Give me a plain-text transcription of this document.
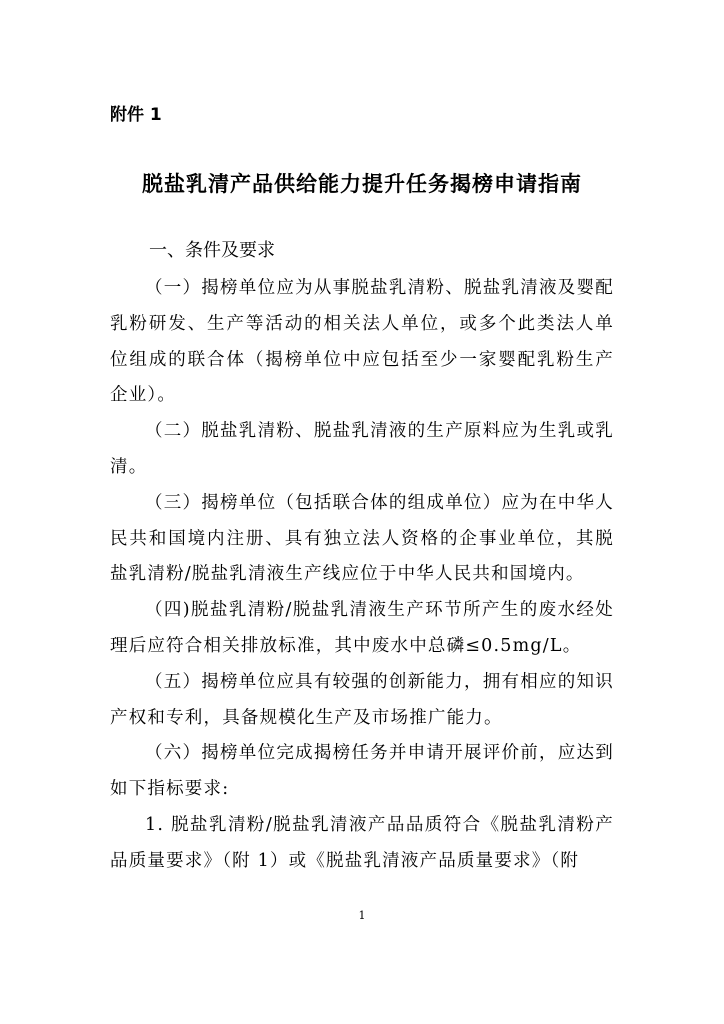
附件 1
脱盐乳清产品供给能力提升任务揭榜申请指南
一、条件及要求

（一）揭榜单位应为从事脱盐乳清粉、脱盐乳清液及婴配乳粉研发、生产等活动的相关法人单位，或多个此类法人单位组成的联合体（揭榜单位中应包括至少一家婴配乳粉生产企业）。

（二）脱盐乳清粉、脱盐乳清液的生产原料应为生乳或乳清。

（三）揭榜单位（包括联合体的组成单位）应为在中华人民共和国境内注册、具有独立法人资格的企事业单位，其脱盐乳清粉/脱盐乳清液生产线应位于中华人民共和国境内。

（四)脱盐乳清粉/脱盐乳清液生产环节所产生的废水经处理后应符合相关排放标准，其中废水中总磷≤0.5mg/L。

（五）揭榜单位应具有较强的创新能力，拥有相应的知识产权和专利，具备规模化生产及市场推广能力。

（六）揭榜单位完成揭榜任务并申请开展评价前，应达到如下指标要求:

1. 脱盐乳清粉/脱盐乳清液产品品质符合《脱盐乳清粉产品质量要求》（附 1）或《脱盐乳清液产品质量要求》（附

1
